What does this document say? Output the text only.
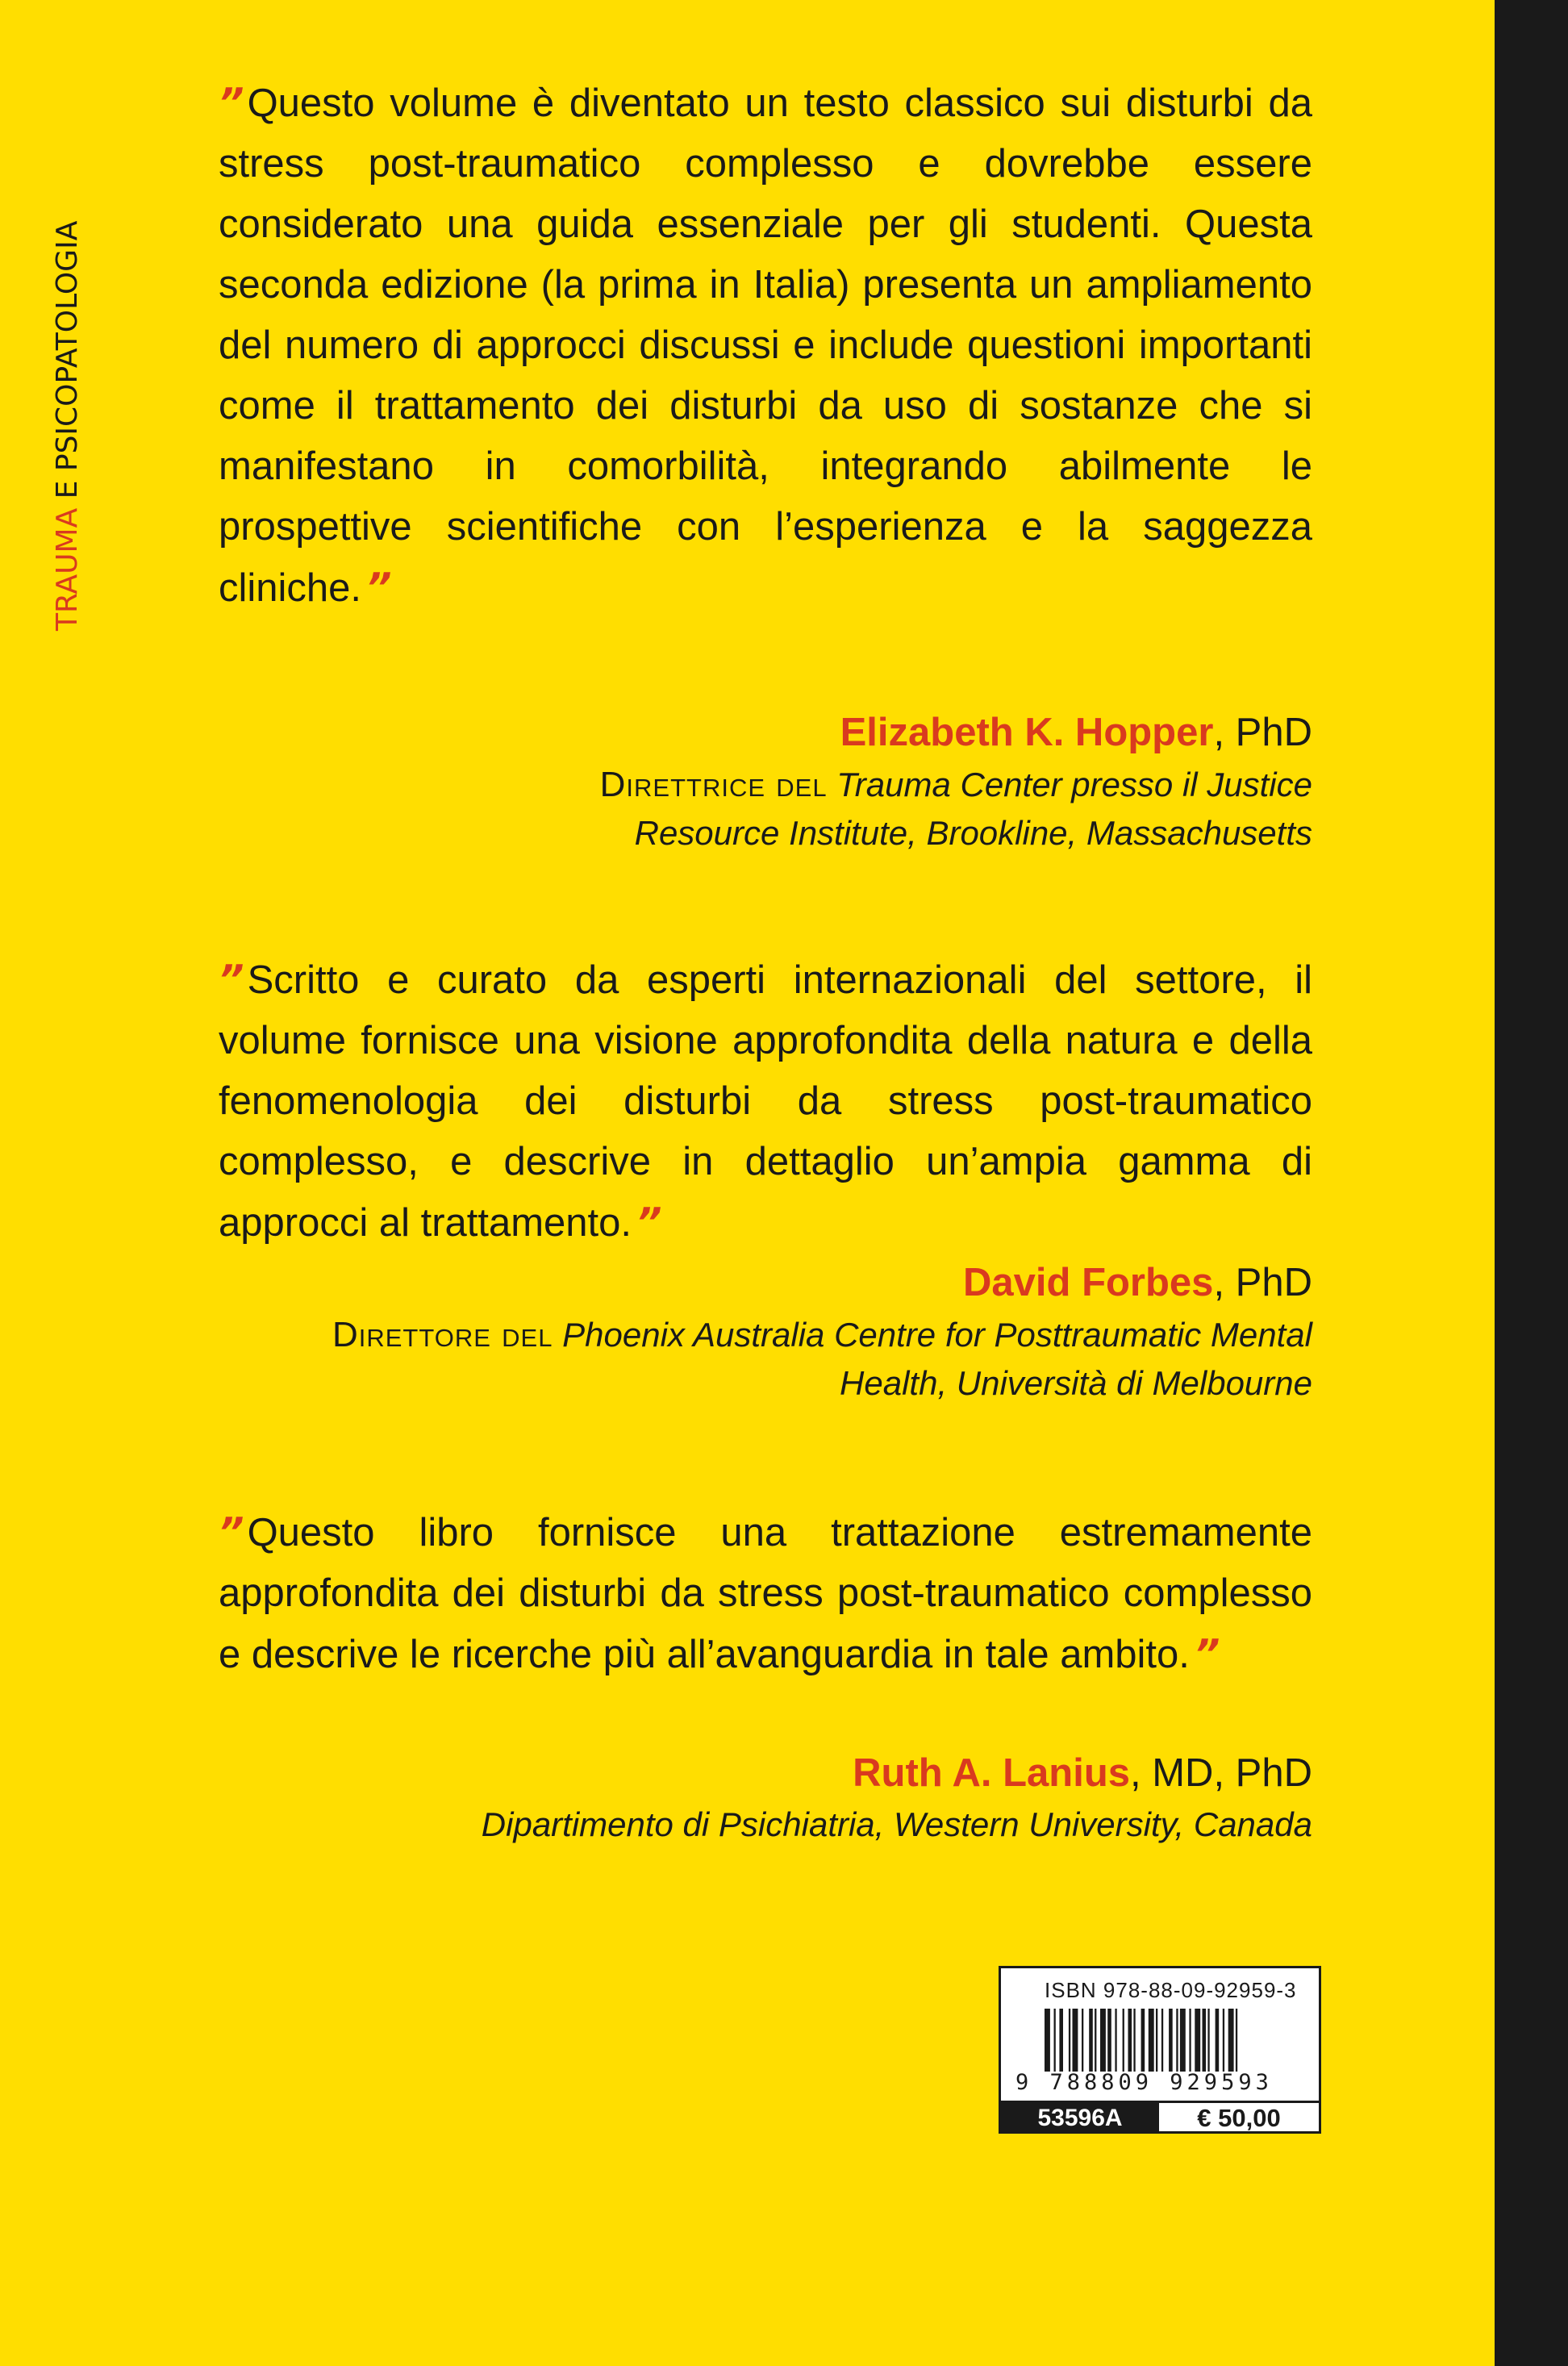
TRAUMA E PSICOPATOLOGIA
” Questo volume è diventato un testo classico sui disturbi da stress post-traumatico complesso e dovrebbe essere considerato una guida essenziale per gli studenti. Questa seconda edizione (la prima in Italia) presenta un ampliamento del numero di approcci discussi e include questioni importanti come il trattamento dei disturbi da uso di sostanze che si manifestano in comorbilità, integrando abilmente le prospettive scientifiche con l’esperienza e la saggezza cliniche. ”
Elizabeth K. Hopper, PhD
Direttrice del Trauma Center presso il Justice
Resource Institute, Brookline, Massachusetts
” Scritto e curato da esperti internazionali del settore, il volume fornisce una visione approfondita della natura e della fenomenologia dei disturbi da stress post-traumatico complesso, e descrive in dettaglio un’ampia gamma di approcci al trattamento. ”
David Forbes, PhD
Direttore del Phoenix Australia Centre for Posttraumatic Mental
Health, Università di Melbourne
” Questo libro fornisce una trattazione estremamente approfondita dei disturbi da stress post-traumatico complesso e descrive le ricerche più all’avanguardia in tale ambito. ”
Ruth A. Lanius, MD, PhD
Dipartimento di Psichiatria, Western University, Canada
ISBN 978-88-09-92959-3
9 788809 929593
53596A	€ 50,00
